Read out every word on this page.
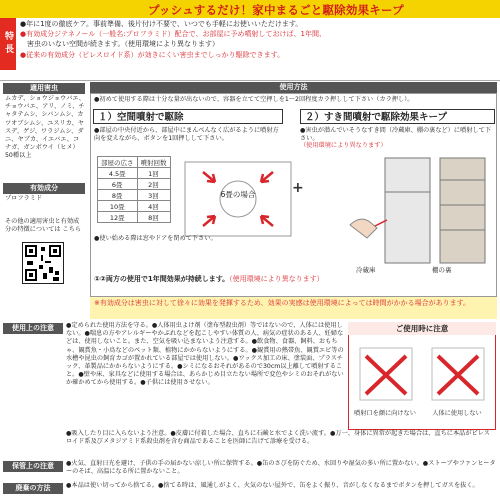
プッシュするだけ！家中まるごと駆除効果キープ
特長
●年に1度の徹底ケア。事前準備、後片付け不要で、いつでも手軽にお使いいただけます。
●有効成分ジテネノール（一般名:プロフラミド）配合で、お部屋に予め噴射しておけば、1年間、
　害虫のいない空間が続きます。（使用環境により異なります）
●従来の有効成分（ピレスロイド系）が効きにくい害虫までしっかり駆除できます。
適用害虫
ムカデ、ショウジョウバエ、チョウバエ、アリ、ノミ、チャタテムシ、シバンムシ、カツオブシムシ、ユスリカ、ヤスデ、ゲジ、ワラジムシ、ダニ、ヤブカ、イエバエ、コナガ、ガンボウイ（ヒメ）50種以上
有効成分
プロフラミド
その他の適用害虫と有効成分の特徴については こちら
使用方法
●初めて使用する際は十分な量が出ないので、容器を立てて空押しを1〜2回程度カラ押しして下さい（カラ押し）。
１）空間噴射で駆除
●部屋の中央付近から、部屋中にまんべんなく広がるように噴射方向を変えながら、ボタンを1回押しして下さい。
部屋の広さ	噴射回数
4.5畳	1回
6畳	2回
8畳	3回
10畳	4回
12畳	8回
6畳の場合	+
●使い始める際は窓やドアを閉めて下さい。
２）すき間噴射で駆除効果キープ
●害虫が潜んでいそうなすき間（冷蔵庫、棚の裏など）に噴射して下さい。
（使用環境により異なります）
冷蔵庫	棚の裏
①②両方の使用で1年間効果が持続します。（使用環境により異なります）
※有効成分は害虫に対して徐々に効果を発揮するため、効果の実感は使用環境によっては時間がかかる場合があります。
使用上の注意	●定められた使用方法を守る。●人体用虫よけ剤（塗布型殺虫剤）等ではないので、人体には使用しない。●喘息の方やアレルギーやかぶれなどを起こしやすい体質の人、病気の症状のある人、妊婦などは、使用しないこと。また、空気を吸い込まないよう注意する。●飲食物、食器、飼料、おもちゃ、観賞魚・小鳥などのペット類、植物にかからないようにする。●観賞用の熱帯魚、観賞エビ等の水槽や昆虫の飼育カゴが置かれている部屋では使用しない。●ワックス加工の床、塗装面、プラスチック、革製品にかからないようにする。●シミになるおそれがあるので30cm以上離して噴射すること。●壁や床、家具などに使用する場合は、あらかじめ目立たない場所で変色やシミのおそれがないか確かめてから使用する。●子供には使用させない。
ご使用時に注意
噴射口を顔に向けない	人体に使用しない
●吸入したり目に入らないよう注意。●皮膚に付着した場合、直ちに石鹸と水でよく洗い流す。●万一、身体に異常が起きた場合は、直ちに本品がピレスロイド系及びメタジアミド系殺虫剤を含む商品であることを医師に告げて診療を受ける。
保管上の注意	●火気、直射日光を避け、子供の手の届かない涼しい所に保管する。●缶のさびを防ぐため、水回りや湿気の多い所に置かない。●ストーブやファンヒーターのそば、高温になる所に置かないこと。
廃棄の方法	●本品は使い切ってから捨てる。●捨てる時は、風通しがよく、火気のない屋外で、缶をよく振り、音がしなくなるまでボタンを押してガスを抜く。
